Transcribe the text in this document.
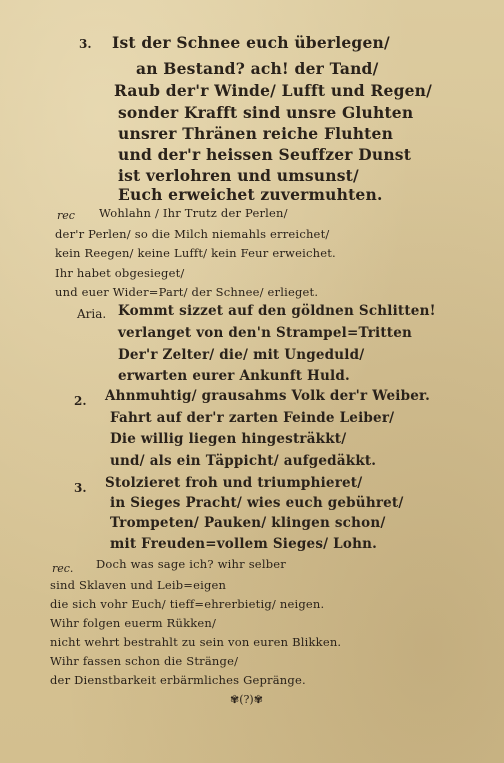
3. Ist der Schnee euch überlegen/
an Bestand? ach! der Tand/
Raub der'r Winde/ Lufft und Regen/
sonder Krafft sind unsre Gluhten
unsrer Thränen reiche Fluhten
und der'r heissen Seuffzer Dunst
ist verlohren und umsunst/
Euch erweichet zuvermuhten.
rec Wohlahn / Ihr Trutz der Perlen/
der'r Perlen/ so die Milch niemahls erreichet/
kein Reegen/ keine Lufft/ kein Feur erweichet.
Ihr habet obgesieget/
und euer Wider=Part/ der Schnee/ erlieget.
Aria. Kommt sizzet auf den göldnen Schlitten!
verlanget von den'n Strampel=Tritten
Der'r Zelter/ die/ mit Ungeduld/
erwarten eurer Ankunft Huld.
2. Ahnmuhtig/ grausahms Volk der'r Weiber.
Fahrt auf der'r zarten Feinde Leiber/
Die willig liegen hingesträkkt/
und/ als ein Täppicht/ aufgedäkkt.
3. Stolzieret froh und triumphieret/
in Sieges Pracht/ wies euch gebühret/
Trompeten/ Pauken/ klingen schon/
mit Freuden=vollem Sieges/ Lohn.
rec. Doch was sage ich? wihr selber
sind Sklaven und Leib=eigen
die sich vohr Euch/ tieff=ehrerbietig/ neigen.
Wihr folgen euerm Rükken/
nicht wehrt bestrahlt zu sein von euren Blikken.
Wihr fassen schon die Stränge/
der Dienstbarkeit erbärmliches Gepränge.
✾(?)✾
